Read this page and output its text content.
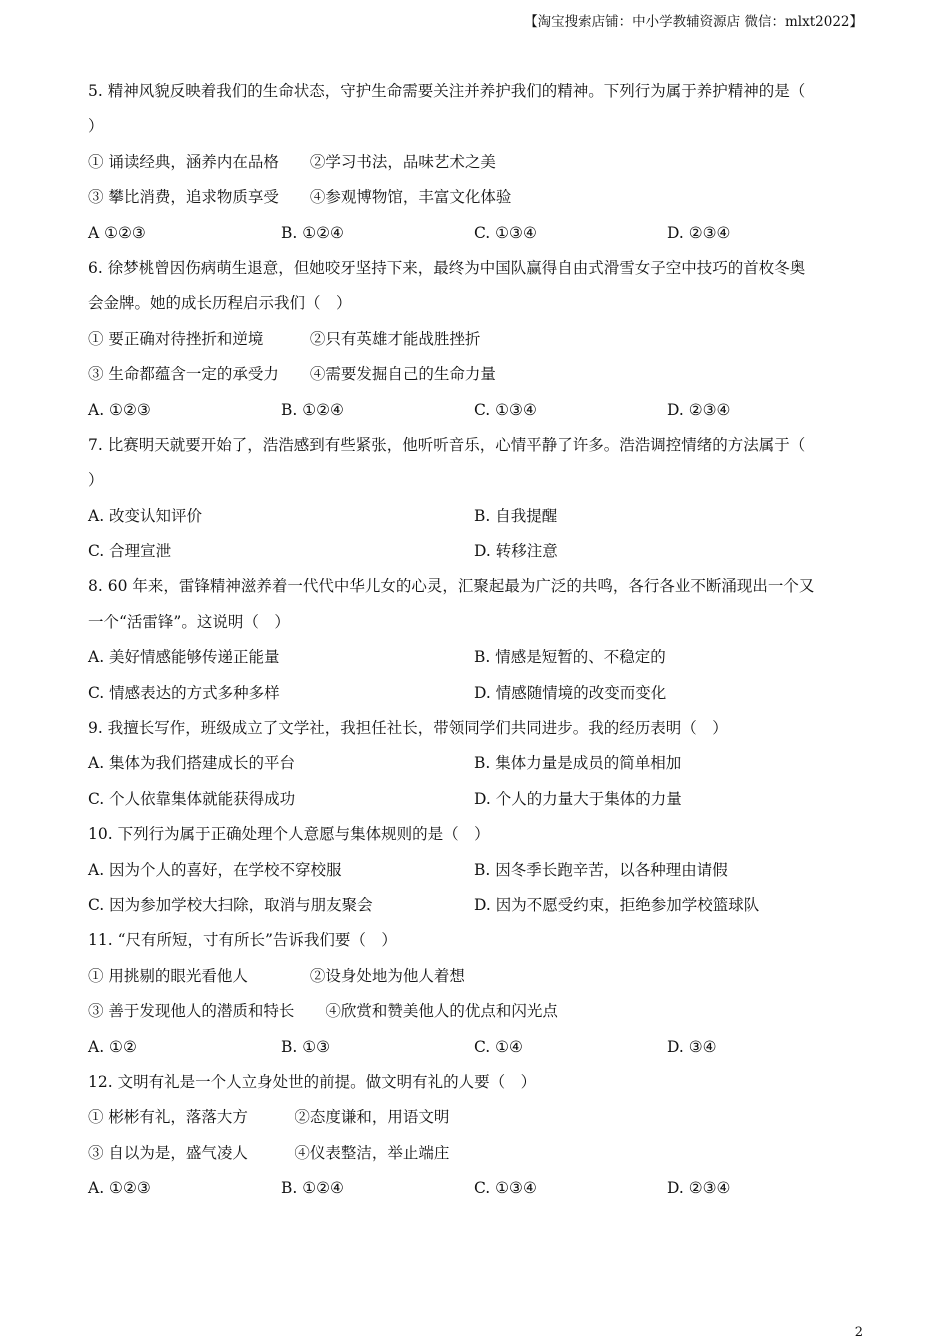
【淘宝搜索店铺：中小学教辅资源店 微信：mlxt2022】
5. 精神风貌反映着我们的生命状态，守护生命需要关注并养护我们的精神。下列行为属于养护精神的是（
）
① 诵读经典，涵养内在品格　　②学习书法，品味艺术之美
③ 攀比消费，追求物质享受　　④参观博物馆，丰富文化体验
A ①②③	B. ①②④	C. ①③④	D. ②③④
6. 徐梦桃曾因伤病萌生退意，但她咬牙坚持下来，最终为中国队赢得自由式滑雪女子空中技巧的首枚冬奥
会金牌。她的成长历程启示我们（　）
① 要正确对待挫折和逆境　　　②只有英雄才能战胜挫折
③ 生命都蕴含一定的承受力　　④需要发掘自己的生命力量
A. ①②③	B. ①②④	C. ①③④	D. ②③④
7. 比赛明天就要开始了，浩浩感到有些紧张，他听听音乐，心情平静了许多。浩浩调控情绪的方法属于（
）
A. 改变认知评价	B. 自我提醒
C. 合理宣泄	D. 转移注意
8. 60 年来，雷锋精神滋养着一代代中华儿女的心灵，汇聚起最为广泛的共鸣，各行各业不断涌现出一个又
一个“活雷锋”。这说明（　）
A. 美好情感能够传递正能量	B. 情感是短暂的、不稳定的
C. 情感表达的方式多种多样	D. 情感随情境的改变而变化
9. 我擅长写作，班级成立了文学社，我担任社长，带领同学们共同进步。我的经历表明（　）
A. 集体为我们搭建成长的平台	B. 集体力量是成员的简单相加
C. 个人依靠集体就能获得成功	D. 个人的力量大于集体的力量
10. 下列行为属于正确处理个人意愿与集体规则的是（　）
A. 因为个人的喜好，在学校不穿校服	B. 因冬季长跑辛苦，以各种理由请假
C. 因为参加学校大扫除，取消与朋友聚会	D. 因为不愿受约束，拒绝参加学校篮球队
11. “尺有所短，寸有所长”告诉我们要（　）
① 用挑剔的眼光看他人　　　　②设身处地为他人着想
③ 善于发现他人的潜质和特长　　④欣赏和赞美他人的优点和闪光点
A. ①②	B. ①③	C. ①④	D. ③④
12. 文明有礼是一个人立身处世的前提。做文明有礼的人要（　）
① 彬彬有礼，落落大方　　　②态度谦和，用语文明
③ 自以为是，盛气凌人　　　④仪表整洁，举止端庄
A. ①②③	B. ①②④	C. ①③④	D. ②③④
2
